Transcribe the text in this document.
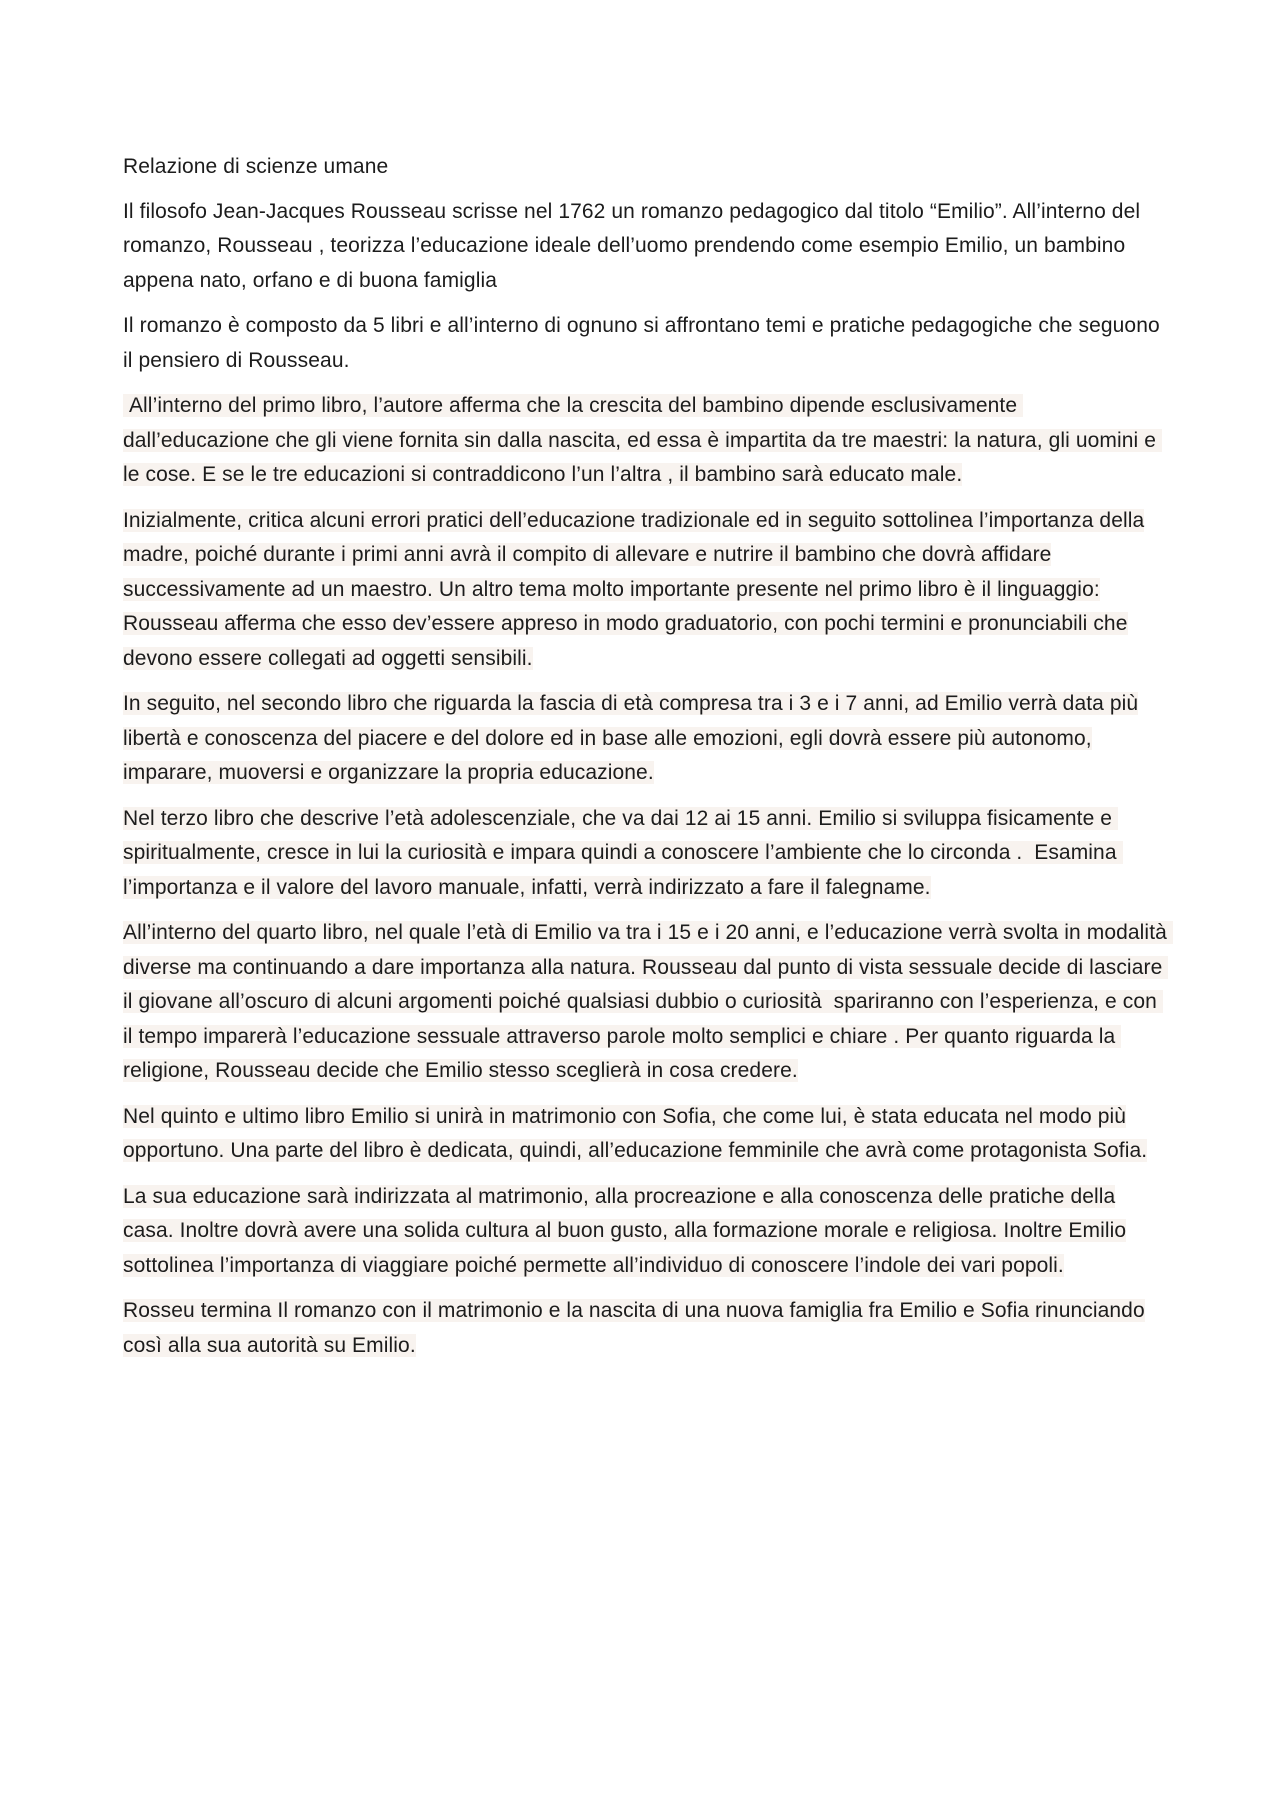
Relazione di scienze umane

Il filosofo Jean-Jacques Rousseau scrisse nel 1762 un romanzo pedagogico dal titolo “Emilio”. All’interno del romanzo, Rousseau , teorizza l’educazione ideale dell’uomo prendendo come esempio Emilio, un bambino appena nato, orfano e di buona famiglia

Il romanzo è composto da 5 libri e all’interno di ognuno si affrontano temi e pratiche pedagogiche che seguono il pensiero di Rousseau.

All’interno del primo libro, l’autore afferma che la crescita del bambino dipende esclusivamente dall’educazione che gli viene fornita sin dalla nascita, ed essa è impartita da tre maestri: la natura, gli uomini e le cose. E se le tre educazioni si contraddicono l’un l’altra , il bambino sarà educato male.

Inizialmente, critica alcuni errori pratici dell’educazione tradizionale ed in seguito sottolinea l’importanza della madre, poiché durante i primi anni avrà il compito di allevare e nutrire il bambino che dovrà affidare successivamente ad un maestro. Un altro tema molto importante presente nel primo libro è il linguaggio: Rousseau afferma che esso dev’essere appreso in modo graduatorio, con pochi termini e pronunciabili che devono essere collegati ad oggetti sensibili.

In seguito, nel secondo libro che riguarda la fascia di età compresa tra i 3 e i 7 anni, ad Emilio verrà data più libertà e conoscenza del piacere e del dolore ed in base alle emozioni, egli dovrà essere più autonomo, imparare, muoversi e organizzare la propria educazione.

Nel terzo libro che descrive l’età adolescenziale, che va dai 12 ai 15 anni. Emilio si sviluppa fisicamente e spiritualmente, cresce in lui la curiosità e impara quindi a conoscere l’ambiente che lo circonda .  Esamina l’importanza e il valore del lavoro manuale, infatti, verrà indirizzato a fare il falegname.

All’interno del quarto libro, nel quale l’età di Emilio va tra i 15 e i 20 anni, e l’educazione verrà svolta in modalità diverse ma continuando a dare importanza alla natura. Rousseau dal punto di vista sessuale decide di lasciare il giovane all’oscuro di alcuni argomenti poiché qualsiasi dubbio o curiosità  spariranno con l’esperienza, e con il tempo imparerà l’educazione sessuale attraverso parole molto semplici e chiare . Per quanto riguarda la religione, Rousseau decide che Emilio stesso sceglierà in cosa credere.

Nel quinto e ultimo libro Emilio si unirà in matrimonio con Sofia, che come lui, è stata educata nel modo più opportuno. Una parte del libro è dedicata, quindi, all’educazione femminile che avrà come protagonista Sofia.

La sua educazione sarà indirizzata al matrimonio, alla procreazione e alla conoscenza delle pratiche della casa. Inoltre dovrà avere una solida cultura al buon gusto, alla formazione morale e religiosa. Inoltre Emilio sottolinea l’importanza di viaggiare poiché permette all’individuo di conoscere l’indole dei vari popoli.

Rosseu termina Il romanzo con il matrimonio e la nascita di una nuova famiglia fra Emilio e Sofia rinunciando così alla sua autorità su Emilio.
